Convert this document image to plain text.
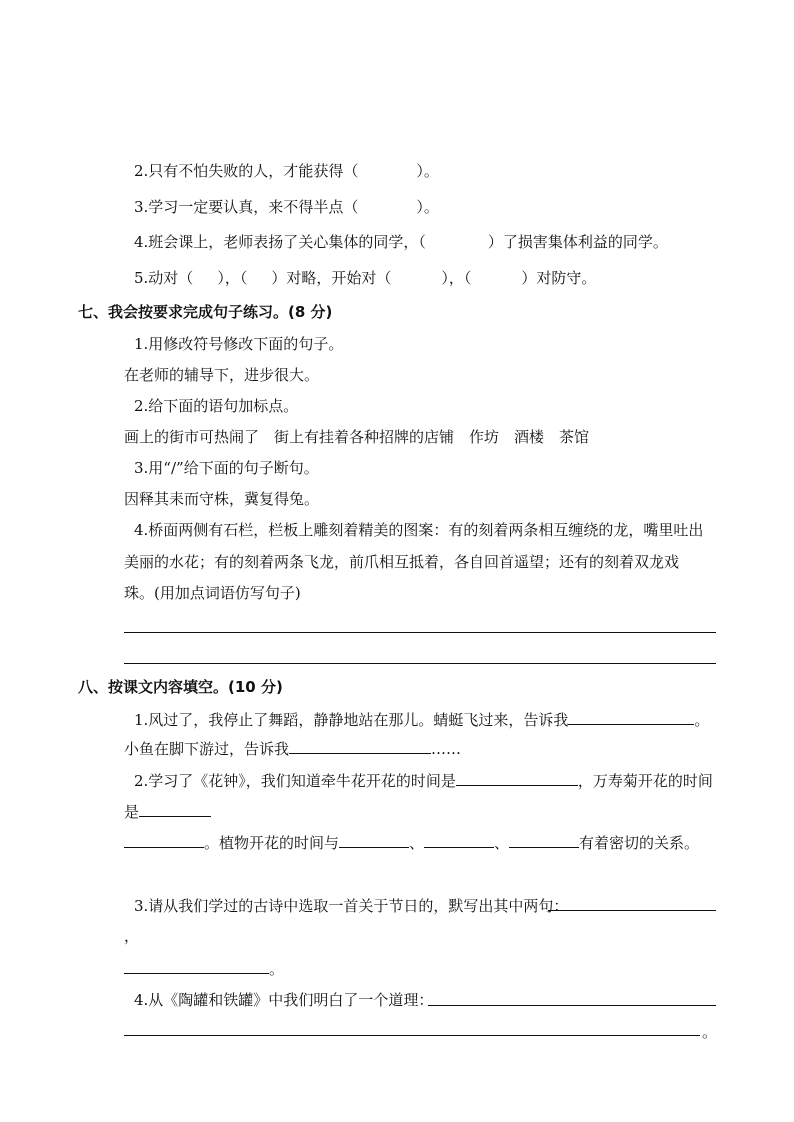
2.只有不怕失败的人，才能获得（	）。
3.学习一定要认真，来不得半点（	）。
4.班会课上，老师表扬了关心集体的同学，（	）了损害集体利益的同学。
5.动对（ ），（ ）对略，开始对（	），（	）对防守。
七、我会按要求完成句子练习。(8 分)
1.用修改符号修改下面的句子。
在老师的辅导下，进步很大。
2.给下面的语句加标点。
画上的街市可热闹了　街上有挂着各种招牌的店铺　作坊　酒楼　茶馆
3.用“/”给下面的句子断句。
因释其耒而守株，冀复得兔。
4.桥面两侧有石栏，栏板上雕刻着精美的图案：有的刻着两条相互缠绕的龙，嘴里吐出
美丽的水花；有的刻着两条飞龙，前爪相互抵着，各自回首遥望；还有的刻着双龙戏
珠。(用加点词语仿写句子)
八、按课文内容填空。(10 分)
1.风过了，我停止了舞蹈，静静地站在那儿。蜻蜓飞过来，告诉我	。
小鱼在脚下游过，告诉我	……
2.学习了《花钟》，我们知道牵牛花开花的时间是	，万寿菊开花的时间
是
。植物开花的时间与	、	、	有着密切的关系。
3.请从我们学过的古诗中选取一首关于节日的，默写出其中两句：
，
。
4.从《陶罐和铁罐》中我们明白了一个道理：
。
